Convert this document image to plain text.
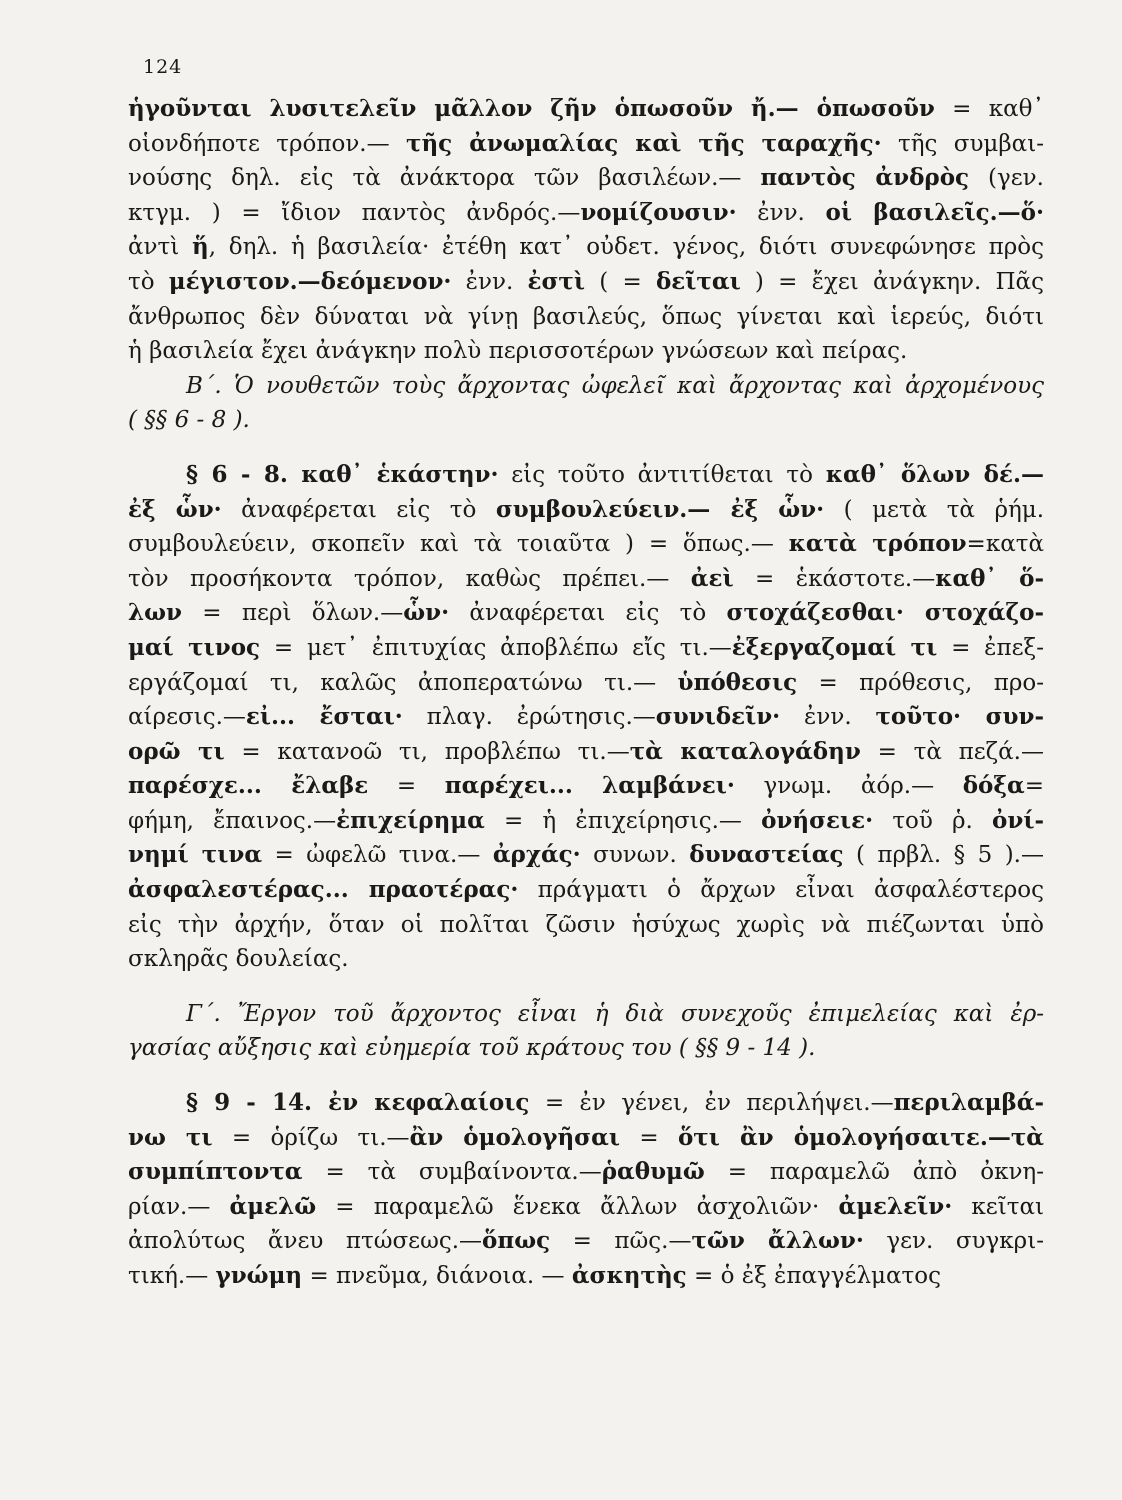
124
ἡγοῦνται λυσιτελεῖν μᾶλλον ζῆν ὁπωσοῦν ἤ.— ὁπωσοῦν = καθ᾽
οἱονδήποτε τρόπον.— τῆς ἀνωμαλίας καὶ τῆς ταραχῆς· τῆς συμβαι-
νούσης δηλ. εἰς τὰ ἀνάκτορα τῶν βασιλέων.— παντὸς ἀνδρὸς (γεν.
κτγμ. ) = ἴδιον παντὸς ἀνδρός.—νομίζουσιν· ἐνν. οἱ βασιλεῖς.—ὅ·
ἀντὶ ἥ, δηλ. ἡ βασιλεία· ἐτέθη κατ᾽ οὐδετ. γένος, διότι συνεφώνησε πρὸς
τὸ μέγιστον.—δεόμενον· ἐνν. ἐστὶ ( = δεῖται ) = ἔχει ἀνάγκην. Πᾶς
ἄνθρωπος δὲν δύναται νὰ γίνῃ βασιλεύς, ὅπως γίνεται καὶ ἱερεύς, διότι
ἡ βασιλεία ἔχει ἀνάγκην πολὺ περισσοτέρων γνώσεων καὶ πείρας.
Β΄. Ὁ νουθετῶν τοὺς ἄρχοντας ὠφελεῖ καὶ ἄρχοντας καὶ ἀρχομένους
( §§ 6 - 8 ).
§ 6 - 8. καθ᾽ ἑκάστην· εἰς τοῦτο ἀντιτίθεται τὸ καθ᾽ ὅλων δέ.—
ἐξ ὧν· ἀναφέρεται εἰς τὸ συμβουλεύειν.— ἐξ ὧν· ( μετὰ τὰ ῥήμ.
συμβουλεύειν, σκοπεῖν καὶ τὰ τοιαῦτα ) = ὅπως.— κατὰ τρόπον=κατὰ
τὸν προσήκοντα τρόπον, καθὼς πρέπει.— ἀεὶ = ἑκάστοτε.—καθ᾽ ὅ-
λων = περὶ ὅλων.—ὧν· ἀναφέρεται εἰς τὸ στοχάζεσθαι· στοχάζο-
μαί τινος = μετ᾽ ἐπιτυχίας ἀποβλέπω εἴς τι.—ἐξεργαζομαί τι = ἐπεξ-
εργάζομαί τι, καλῶς ἀποπερατώνω τι.— ὑπόθεσις = πρόθεσις, προ-
αίρεσις.—εἰ... ἔσται· πλαγ. ἐρώτησις.—συνιδεῖν· ἐνν. τοῦτο· συν-
ορῶ τι = κατανοῶ τι, προβλέπω τι.—τὰ καταλογάδην = τὰ πεζά.—
παρέσχε... ἔλαβε = παρέχει... λαμβάνει· γνωμ. ἀόρ.— δόξα=
φήμη, ἔπαινος.—ἐπιχείρημα = ἡ ἐπιχείρησις.— ὀνήσειε· τοῦ ῥ. ὀνί-
νημί τινα = ὠφελῶ τινα.— ἀρχάς· συνων. δυναστείας ( πρβλ. § 5 ).—
ἀσφαλεστέρας... πραοτέρας· πράγματι ὁ ἄρχων εἶναι ἀσφαλέστερος
εἰς τὴν ἀρχήν, ὅταν οἱ πολῖται ζῶσιν ἡσύχως χωρὶς νὰ πιέζωνται ὑπὸ
σκληρᾶς δουλείας.
Γ΄. Ἔργον τοῦ ἄρχοντος εἶναι ἡ διὰ συνεχοῦς ἐπιμελείας καὶ ἐρ-
γασίας αὔξησις καὶ εὐημερία τοῦ κράτους του ( §§ 9 - 14 ).
§ 9 - 14. ἐν κεφαλαίοις = ἐν γένει, ἐν περιλήψει.—περιλαμβά-
νω τι = ὁρίζω τι.—ἂν ὁμολογῆσαι = ὅτι ἂν ὁμολογήσαιτε.—τὰ
συμπίπτοντα = τὰ συμβαίνοντα.—ῥαθυμῶ = παραμελῶ ἀπὸ ὀκνη-
ρίαν.— ἀμελῶ = παραμελῶ ἕνεκα ἄλλων ἀσχολιῶν· ἀμελεῖν· κεῖται
ἀπολύτως ἄνευ πτώσεως.—ὅπως = πῶς.—τῶν ἄλλων· γεν. συγκρι-
τική.— γνώμη = πνεῦμα, διάνοια. — ἀσκητὴς = ὁ ἐξ ἐπαγγέλματος
